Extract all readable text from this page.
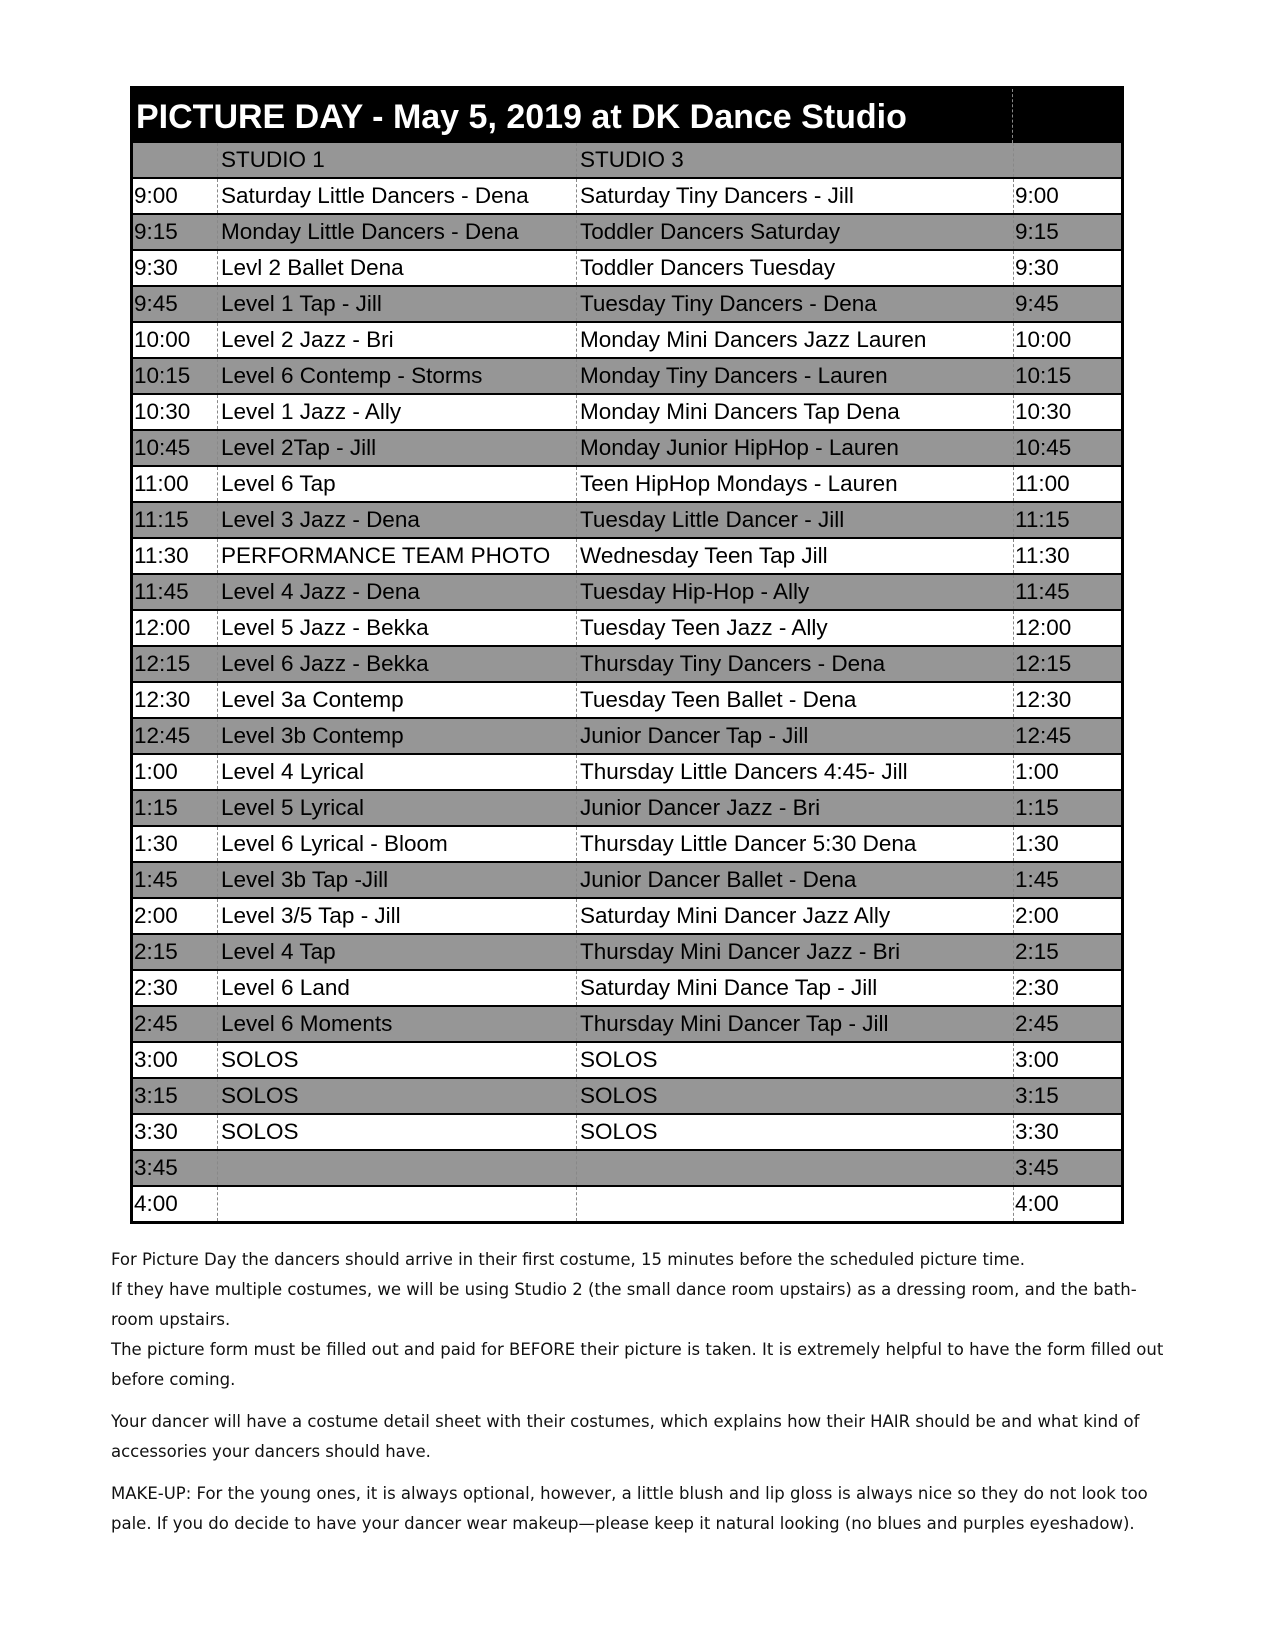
PICTURE DAY - May 5, 2019 at DK Dance Studio
STUDIO 1	STUDIO 3
9:00	Saturday Little Dancers - Dena	Saturday Tiny Dancers - Jill	9:00
9:15	Monday Little Dancers - Dena	Toddler Dancers Saturday	9:15
9:30	Levl 2 Ballet Dena	Toddler Dancers Tuesday	9:30
9:45	Level 1 Tap - Jill	Tuesday Tiny Dancers - Dena	9:45
10:00	Level 2 Jazz - Bri	Monday Mini Dancers Jazz Lauren	10:00
10:15	Level 6 Contemp - Storms	Monday Tiny Dancers - Lauren	10:15
10:30	Level 1 Jazz - Ally	Monday Mini Dancers Tap Dena	10:30
10:45	Level 2Tap - Jill	Monday Junior HipHop - Lauren	10:45
11:00	Level 6 Tap	Teen HipHop Mondays - Lauren	11:00
11:15	Level 3 Jazz - Dena	Tuesday Little Dancer - Jill	11:15
11:30	PERFORMANCE TEAM PHOTO	Wednesday Teen Tap Jill	11:30
11:45	Level 4 Jazz - Dena	Tuesday Hip-Hop - Ally	11:45
12:00	Level 5 Jazz - Bekka	Tuesday Teen Jazz - Ally	12:00
12:15	Level 6 Jazz - Bekka	Thursday Tiny Dancers - Dena	12:15
12:30	Level 3a Contemp	Tuesday Teen Ballet - Dena	12:30
12:45	Level 3b Contemp	Junior Dancer Tap - Jill	12:45
1:00	Level 4 Lyrical	Thursday Little Dancers 4:45- Jill	1:00
1:15	Level 5 Lyrical	Junior Dancer Jazz - Bri	1:15
1:30	Level 6 Lyrical - Bloom	Thursday Little Dancer 5:30 Dena	1:30
1:45	Level 3b Tap -Jill	Junior Dancer Ballet - Dena	1:45
2:00	Level 3/5 Tap - Jill	Saturday Mini Dancer Jazz Ally	2:00
2:15	Level 4 Tap	Thursday Mini Dancer Jazz - Bri	2:15
2:30	Level 6 Land	Saturday Mini Dance Tap - Jill	2:30
2:45	Level 6 Moments	Thursday Mini Dancer Tap - Jill	2:45
3:00	SOLOS	SOLOS	3:00
3:15	SOLOS	SOLOS	3:15
3:30	SOLOS	SOLOS	3:30
3:45	3:45
4:00	4:00

For Picture Day the dancers should arrive in their first costume, 15 minutes before the scheduled picture time.

If they have multiple costumes, we will be using Studio 2 (the small dance room upstairs) as a dressing room, and the bath-room upstairs.

The picture form must be filled out and paid for BEFORE their picture is taken. It is extremely helpful to have the form filled out before coming.

Your dancer will have a costume detail sheet with their costumes, which explains how their HAIR should be and what kind of accessories your dancers should have.

MAKE-UP: For the young ones, it is always optional, however, a little blush and lip gloss is always nice so they do not look too pale. If you do decide to have your dancer wear makeup—please keep it natural looking (no blues and purples eyeshadow).
